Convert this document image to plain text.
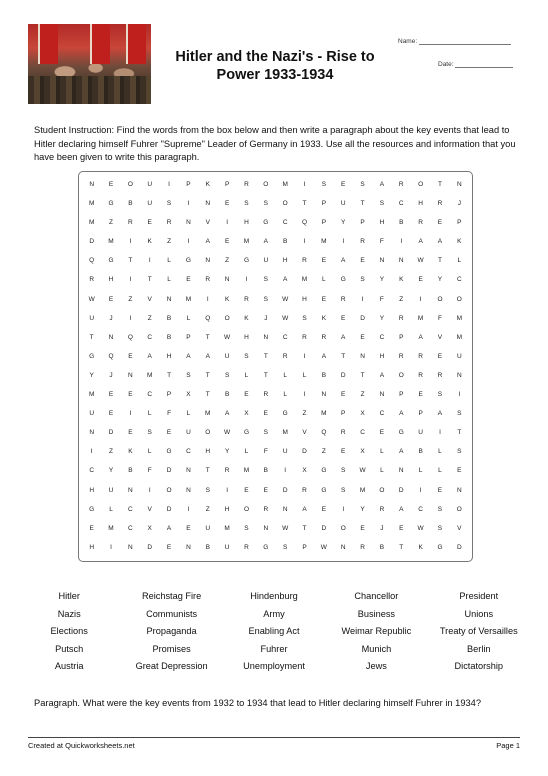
Hitler and the Nazi's - Rise to
Power 1933-1934
Name:
Date:
Student Instruction: Find the words from the box below and then write a paragraph about the key events that lead to Hitler declaring himself Fuhrer "Supreme" Leader of Germany in 1933. Use all the resources and information that you have been given to write this paragraph.
N	E	O	U	I	P	K	P	R	O	M	I	S	E	S	A	R	O	T	N
M	G	B	U	S	I	N	E	S	S	O	T	P	U	T	S	C	H	R	J
M	Z	R	E	R	N	V	I	H	G	C	Q	P	Y	P	H	B	R	E	P
D	M	I	K	Z	I	A	E	M	A	B	I	M	I	R	F	I	A	A	K
Q	G	T	I	L	G	N	Z	G	U	H	R	E	A	E	N	N	W	T	L
R	H	I	T	L	E	R	N	I	S	A	M	L	G	S	Y	K	E	Y	C
W	E	Z	V	N	M	I	K	R	S	W	H	E	R	I	F	Z	I	O	O
U	J	I	Z	B	L	Q	O	K	J	W	S	K	E	D	Y	R	M	F	M
T	N	Q	C	B	P	T	W	H	N	C	R	R	A	E	C	P	A	V	M
G	Q	E	A	H	A	A	U	S	T	R	I	A	T	N	H	R	R	E	U
Y	J	N	M	T	S	T	S	L	T	L	L	B	D	T	A	O	R	R	N
M	E	E	C	P	X	T	B	E	R	L	I	N	E	Z	N	P	E	S	I
U	E	I	L	F	L	M	A	X	E	G	Z	M	P	X	C	A	P	A	S
N	D	E	S	E	U	O	W	G	S	M	V	Q	R	C	E	G	U	I	T
I	Z	K	L	G	C	H	Y	L	F	U	D	Z	E	X	L	A	B	L	S
C	Y	B	F	D	N	T	R	M	B	I	X	G	S	W	L	N	L	L	E
H	U	N	I	O	N	S	I	E	E	D	R	G	S	M	O	D	I	E	N
G	L	C	V	D	I	Z	H	O	R	N	A	E	I	Y	R	A	C	S	O
E	M	C	X	A	E	U	M	S	N	W	T	D	O	E	J	E	W	S	V
H	I	N	D	E	N	B	U	R	G	S	P	W	N	R	B	T	K	G	D
Hitler	Reichstag Fire	Hindenburg	Chancellor	President
Nazis	Communists	Army	Business	Unions
Elections	Propaganda	Enabling Act	Weimar Republic	Treaty of Versailles
Putsch	Promises	Fuhrer	Munich	Berlin
Austria	Great Depression	Unemployment	Jews	Dictatorship
Paragraph. What were the key events from 1932 to 1934 that lead to Hitler declaring himself Fuhrer in 1934?
Created at Quickworksheets.net	Page 1
